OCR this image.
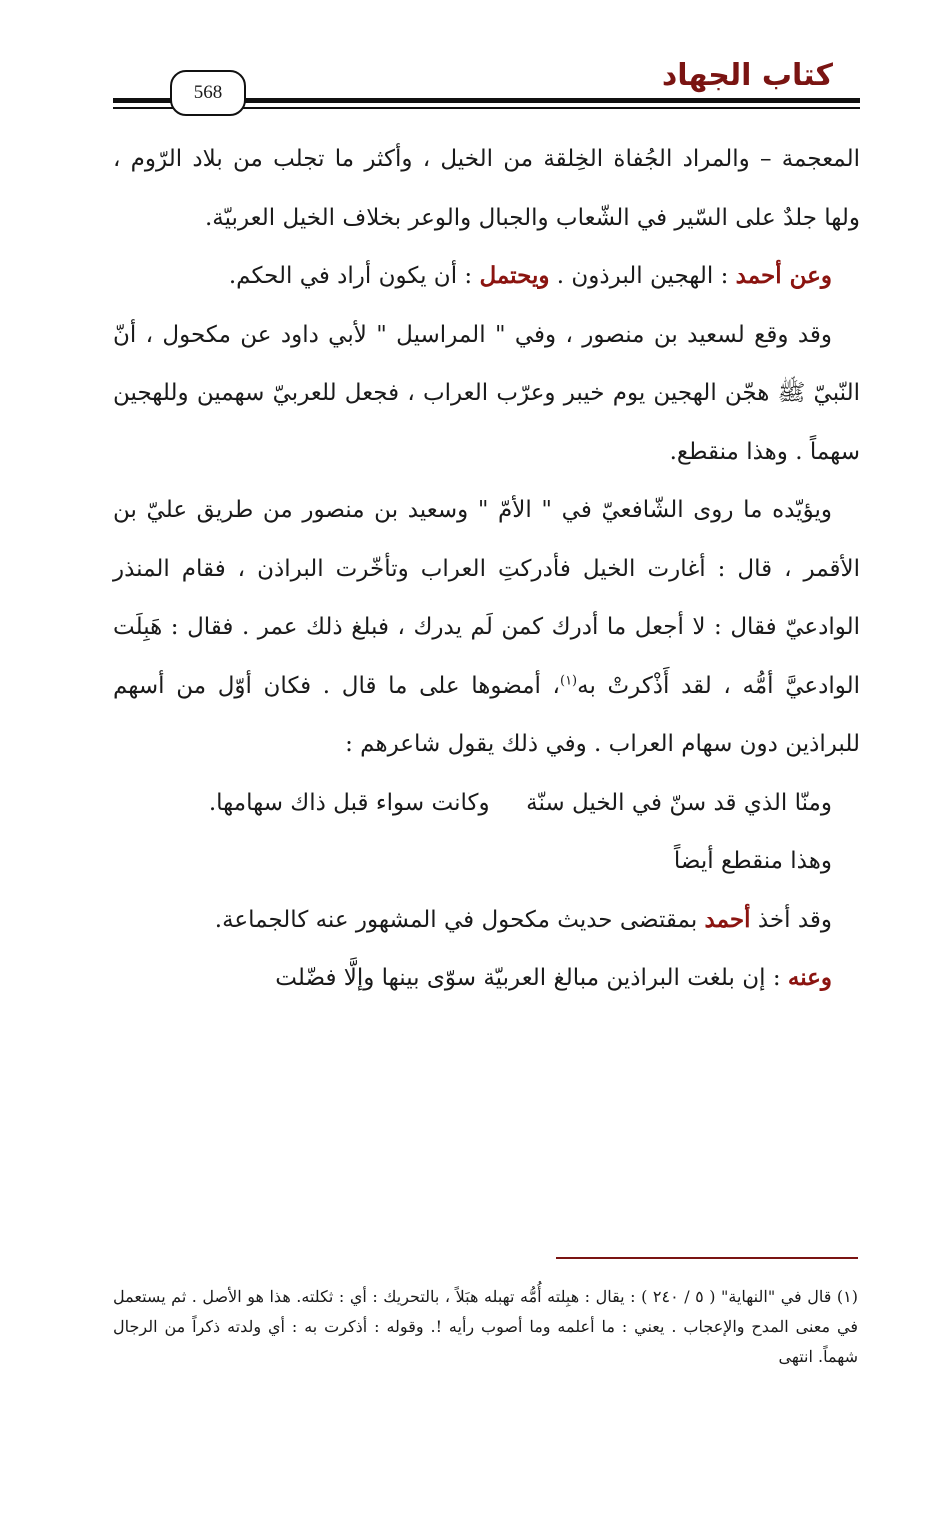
كتاب الجهاد
568

المعجمة – والمراد الجُفاة الخِلقة من الخيل ، وأكثر ما تجلب من بلاد الرّوم ، ولها جلدٌ على السّير في الشّعاب والجبال والوعر بخلاف الخيل العربيّة.

وعن أحمد : الهجين البرذون . ويحتمل : أن يكون أراد في الحكم.

وقد وقع لسعيد بن منصور ، وفي " المراسيل " لأبي داود عن مكحول ، أنّ النّبيّ ﷺ هجّن الهجين يوم خيبر وعرّب العراب ، فجعل للعربيّ سهمين وللهجين سهماً . وهذا منقطع.

ويؤيّده ما روى الشّافعيّ في " الأمّ " وسعيد بن منصور من طريق عليّ بن الأقمر ، قال : أغارت الخيل فأدركتِ العراب وتأخّرت البراذن ، فقام المنذر الوادعيّ فقال : لا أجعل ما أدرك كمن لَم يدرك ، فبلغ ذلك عمر . فقال : هَبِلَت الوادعيَّ أمُّه ، لقد أَذْكرتْ به$^{(١)}$، أمضوها على ما قال . فكان أوّل من أسهم للبراذين دون سهام العراب . وفي ذلك يقول شاعرهم :

ومنّا الذي قد سنّ في الخيل سنّة     وكانت سواء قبل ذاك سهامها.

وهذا منقطع أيضاً

وقد أخذ أحمد بمقتضى حديث مكحول في المشهور عنه كالجماعة.

وعنه : إن بلغت البراذين مبالغ العربيّة سوّى بينها وإلَّا فضّلت

(١) قال في "النهاية" ( ٥ / ٢٤٠ ) : يقال : هبِلته أُمُّه تهبله هبَلاً ، بالتحريك : أي : ثكلته. هذا هو الأصل . ثم يستعمل في معنى المدح والإعجاب . يعني : ما أعلمه وما أصوب رأيه !. وقوله : أذكرت به : أي ولدته ذكراً من الرجال شهماً. انتهى
